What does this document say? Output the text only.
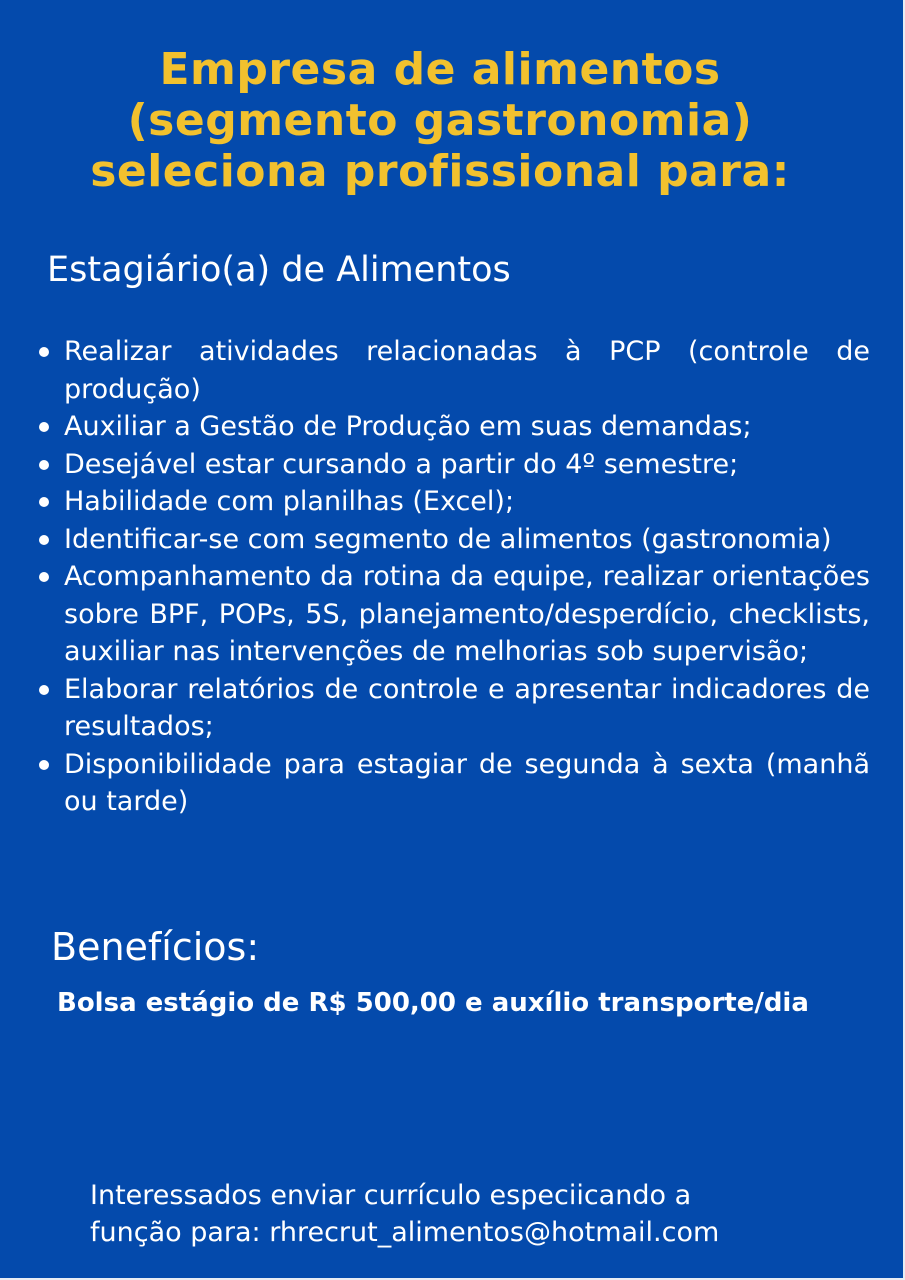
Empresa de alimentos
(segmento gastronomia)
seleciona profissional para:
Estagiário(a) de Alimentos
Realizar atividades relacionadas à PCP (controle de produção)
Auxiliar a Gestão de Produção em suas demandas;
Desejável estar cursando a partir do 4º semestre;
Habilidade com planilhas (Excel);
Identificar-se com segmento de alimentos (gastronomia)
Acompanhamento da rotina da equipe, realizar orientações sobre BPF, POPs, 5S, planejamento/desperdício, checklists, auxiliar nas intervenções de melhorias sob supervisão;
Elaborar relatórios de controle e apresentar indicadores de resultados;
Disponibilidade para estagiar de segunda à sexta (manhã ou tarde)
Benefícios:
Bolsa estágio de R$ 500,00 e auxílio transporte/dia
Interessados enviar currículo especiicando a
função para: rhrecrut_alimentos@hotmail.com
